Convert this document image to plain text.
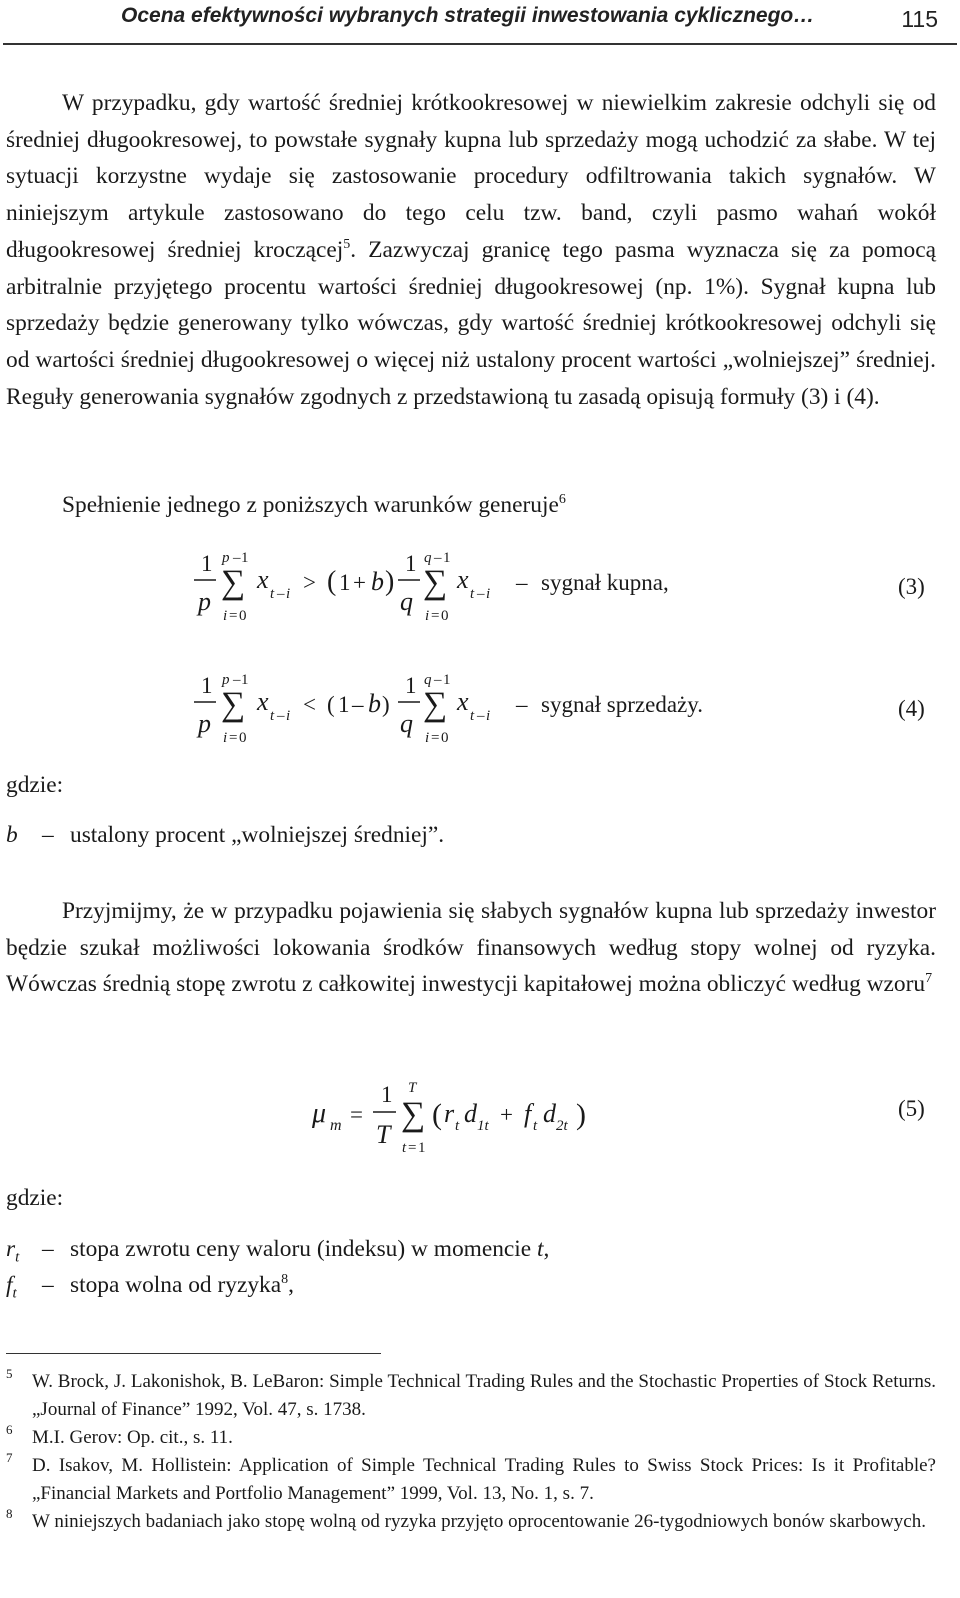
Ocena efektywności wybranych strategii inwestowania cyklicznego…	115

W przypadku, gdy wartość średniej krótkookresowej w niewielkim zakresie odchyli się od średniej długookresowej, to powstałe sygnały kupna lub sprzedaży mogą uchodzić za słabe. W tej sytuacji korzystne wydaje się zastosowanie procedury odfiltrowania takich sygnałów. W niniejszym artykule zastosowano do tego celu tzw. band, czyli pasmo wahań wokół długookresowej średniej kroczącej$^5$. Zazwyczaj granicę tego pasma wyznacza się za pomocą arbitralnie przyjętego procentu wartości średniej długookresowej (np. 1%). Sygnał kupna lub sprzedaży będzie generowany tylko wówczas, gdy wartość średniej krótkookresowej odchyli się od wartości średniej długookresowej o więcej niż ustalony procent wartości „wolniejszej” średniej. Reguły generowania sygnałów zgodnych z przedstawioną tu zasadą opisują formuły (3) i (4).

Spełnienie jednego z poniższych warunków generuje$^6$
1
p
p – 1
∑
i = 0
x t – i > ( 1 + b )
1
q
q – 1
∑
i = 0
x t – i – sygnał kupna,	(3)
1
p
p – 1
∑
i = 0
x t – i < ( 1 – b )
1
q
q – 1
∑
i = 0
x t – i – sygnał sprzedaży.	(4)
gdzie:
b – ustalony procent „wolniejszej średniej”.

Przyjmijmy, że w przypadku pojawienia się słabych sygnałów kupna lub sprzedaży inwestor będzie szukał możliwości lokowania środków finansowych według stopy wolnej od ryzyka. Wówczas średnią stopę zwrotu z całkowitej inwestycji kapitałowej można obliczyć według wzoru$^7$

μ m =
1
T
T
∑
t = 1
( r t d 1t + f t d 2t )	(5)
gdzie:
$r_t$ – stopa zwrotu ceny waloru (indeksu) w momencie t,
$f_t$ – stopa wolna od ryzyka$^8$,
5 W. Brock, J. Lakonishok, B. LeBaron: Simple Technical Trading Rules and the Stochastic Properties of Stock Returns. „Journal of Finance” 1992, Vol. 47, s. 1738.
6 M.I. Gerov: Op. cit., s. 11.
7 D. Isakov, M. Hollistein: Application of Simple Technical Trading Rules to Swiss Stock Prices: Is it Profitable? „Financial Markets and Portfolio Management” 1999, Vol. 13, No. 1, s. 7.
8 W niniejszych badaniach jako stopę wolną od ryzyka przyjęto oprocentowanie 26-tygodniowych bonów skarbowych.
